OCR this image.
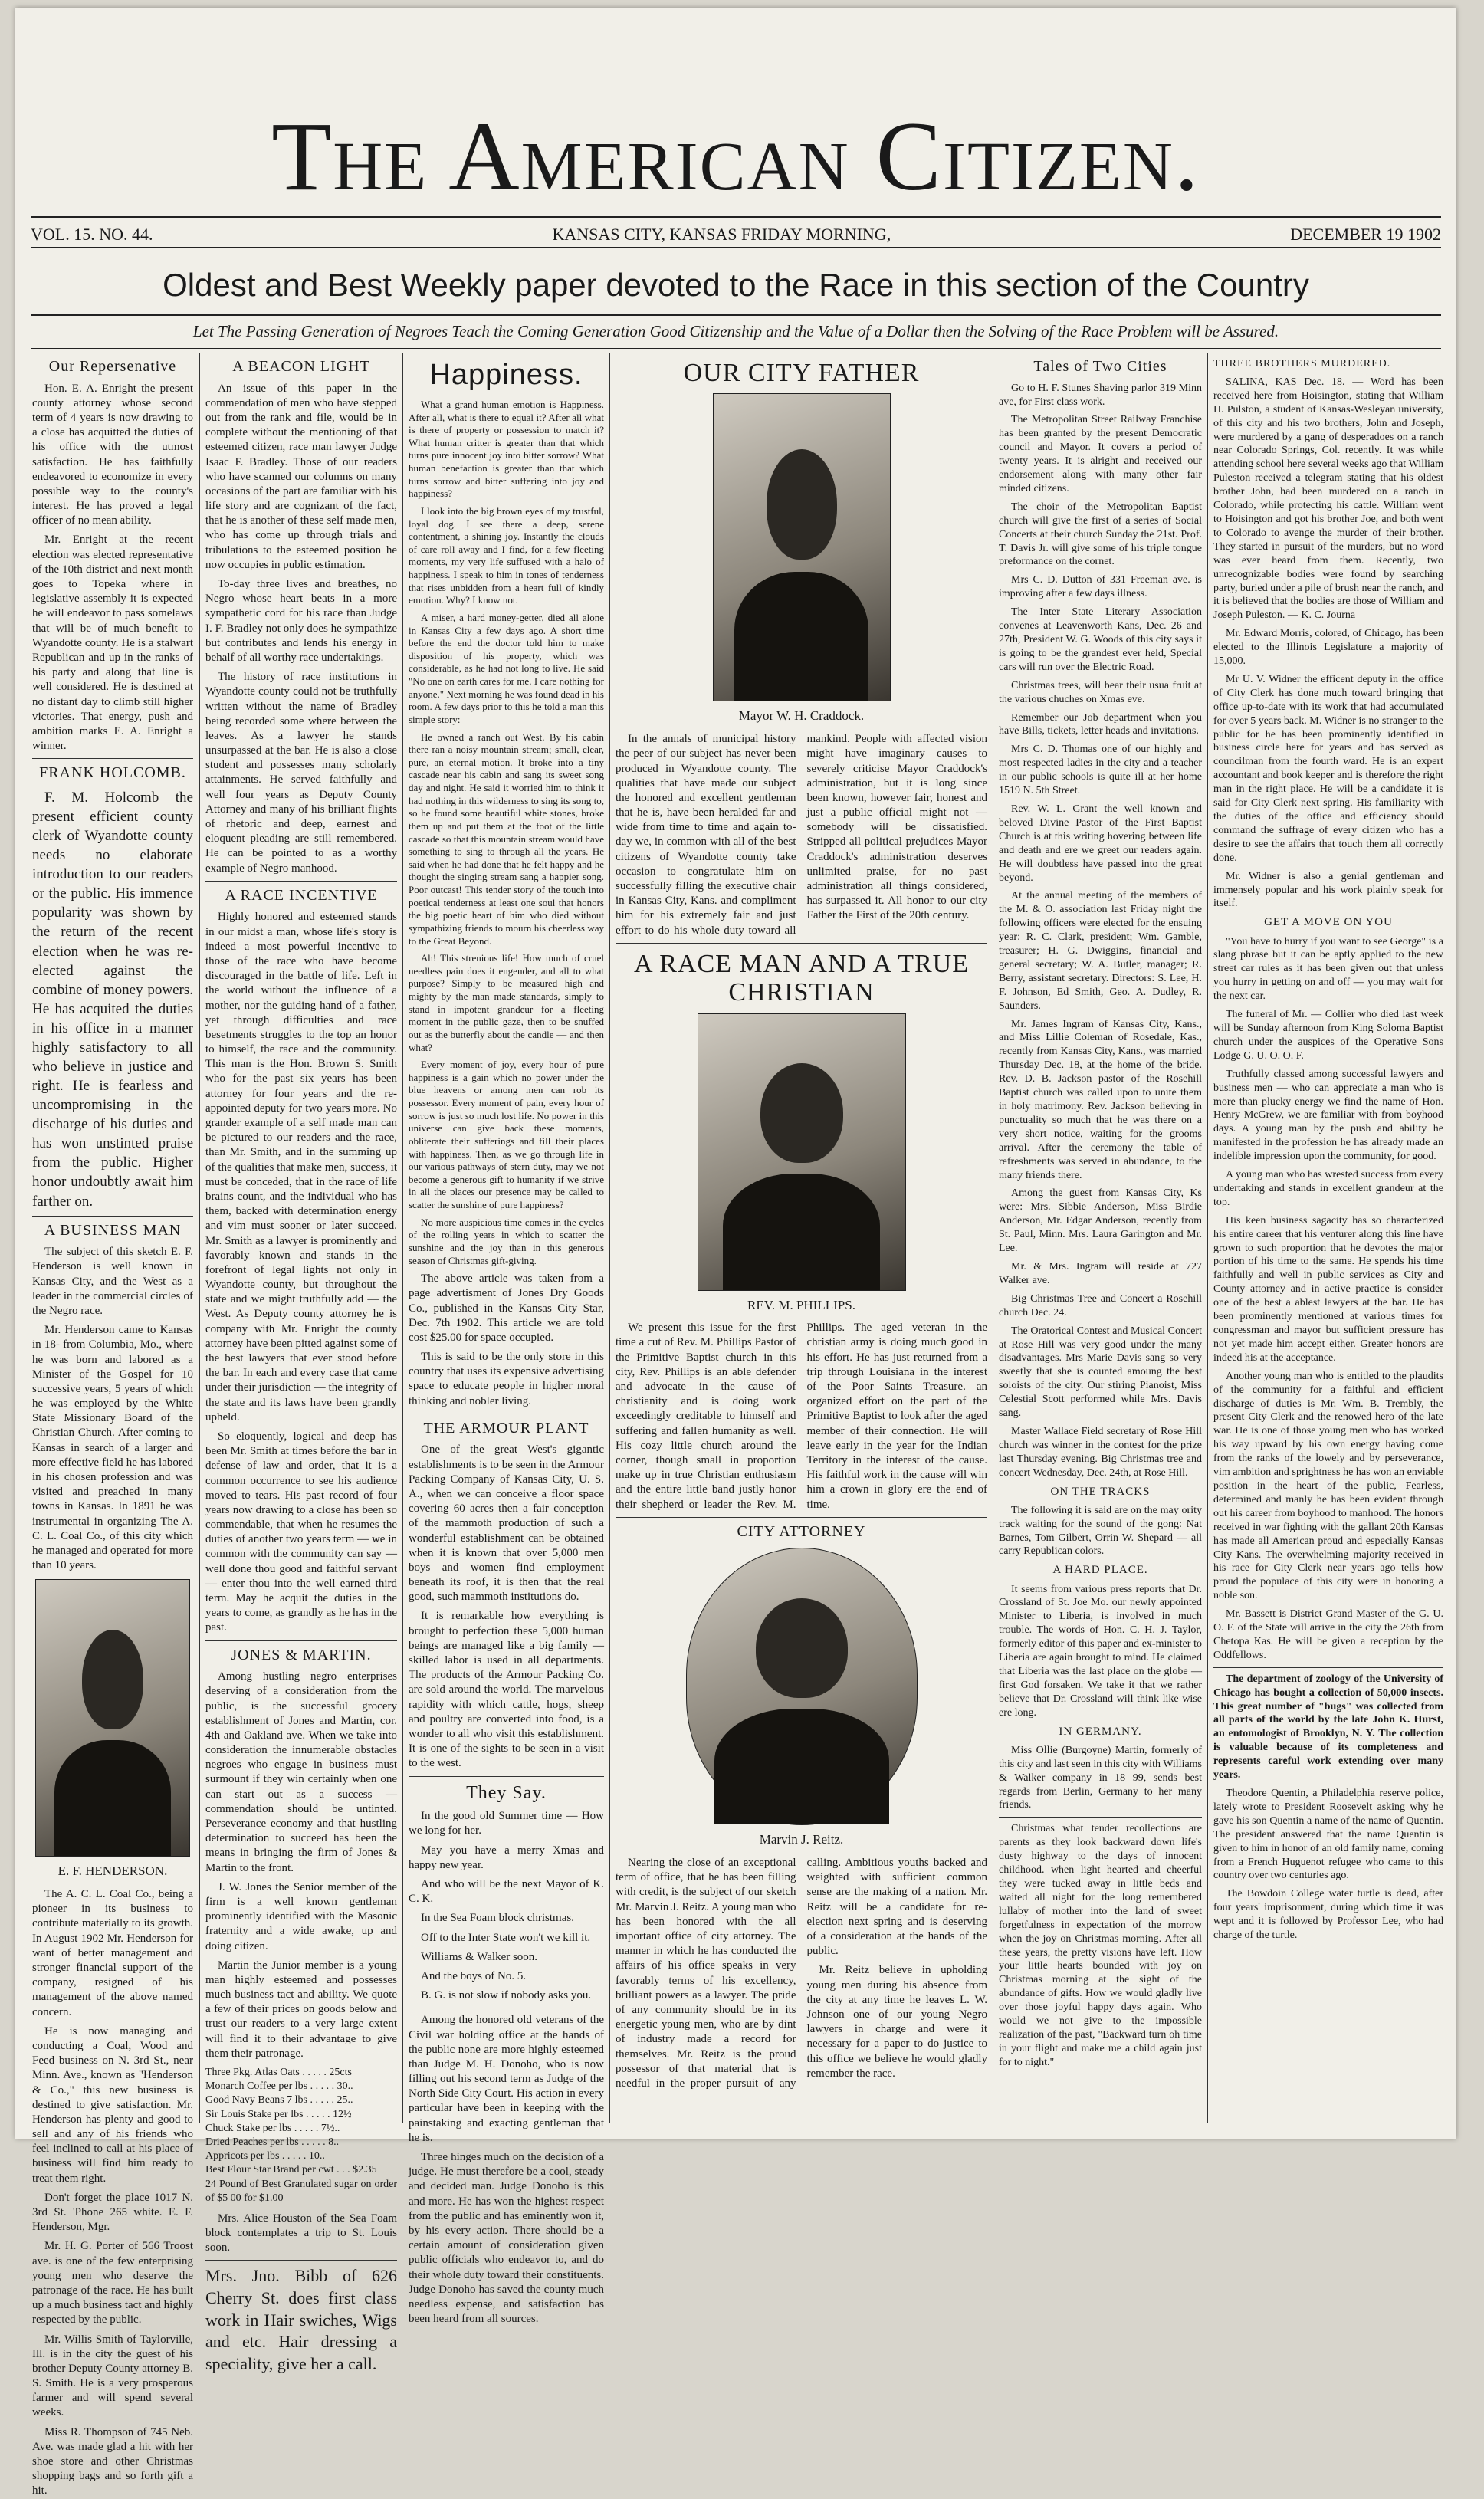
The American Citizen.
VOL. 15. NO. 44.	KANSAS CITY, KANSAS FRIDAY MORNING,	DECEMBER 19 1902
Oldest and Best Weekly paper devoted to the Race in this section of the Country
Let The Passing Generation of Negroes Teach the Coming Generation Good Citizenship and the Value of a Dollar then the Solving of the Race Problem will be Assured.
Our Repersenative

Hon. E. A. Enright the present county attorney whose second term of 4 years is now drawing to a close has acquitted the duties of his office with the utmost satisfaction. He has faithfully endeavored to economize in every possible way to the county's interest. He has proved a legal officer of no mean ability.

Mr. Enright at the recent election was elected representative of the 10th district and next month goes to Topeka where in legislative assembly it is expected he will endeavor to pass somelaws that will be of much benefit to Wyandotte county. He is a stalwart Republican and up in the ranks of his party and along that line is well considered. He is destined at no distant day to climb still higher victories. That energy, push and ambition marks E. A. Enright a winner.

FRANK HOLCOMB.

F. M. Holcomb the present efficient county clerk of Wyandotte county needs no elaborate introduction to our readers or the public. His immence popularity was shown by the return of the recent election when he was re-elected against the combine of money powers. He has acquited the duties in his office in a manner highly satisfactory to all who believe in justice and right. He is fearless and uncompromising in the discharge of his duties and has won unstinted praise from the public. Higher honor undoubtly await him farther on.

A BUSINESS MAN

The subject of this sketch E. F. Henderson is well known in Kansas City, and the West as a leader in the commercial circles of the Negro race.

Mr. Henderson came to Kansas in 18- from Columbia, Mo., where he was born and labored as a Minister of the Gospel for 10 successive years, 5 years of which he was employed by the White State Missionary Board of the Christian Church. After coming to Kansas in search of a larger and more effective field he has labored in his chosen profession and was visited and preached in many towns in Kansas. In 1891 he was instrumental in organizing The A. C. L. Coal Co., of this city which he managed and operated for more than 10 years.

E. F. HENDERSON.

The A. C. L. Coal Co., being a pioneer in its business to contribute materially to its growth. In August 1902 Mr. Henderson for want of better management and stronger financial support of the company, resigned of his management of the above named concern.

He is now managing and conducting a Coal, Wood and Feed business on N. 3rd St., near Minn. Ave., known as "Henderson & Co.," this new business is destined to give satisfaction. Mr. Henderson has plenty and good to sell and any of his friends who feel inclined to call at his place of business will find him ready to treat them right.

Don't forget the place 1017 N. 3rd St. 'Phone 265 white. E. F. Henderson, Mgr.

Mr. H. G. Porter of 566 Troost ave. is one of the few enterprising young men who deserve the patronage of the race. He has built up a much business tact and highly respected by the public.

Mr. Willis Smith of Taylorville, Ill. is in the city the guest of his brother Deputy County attorney B. S. Smith. He is a very prosperous farmer and will spend several weeks.

Miss R. Thompson of 745 Neb. Ave. was made glad a hit with her shoe store and other Christmas shopping bags and so forth gift a hit.

A BEACON LIGHT

An issue of this paper in the commendation of men who have stepped out from the rank and file, would be in complete without the mentioning of that esteemed citizen, race man lawyer Judge Isaac F. Bradley. Those of our readers who have scanned our columns on many occasions of the part are familiar with his life story and are cognizant of the fact, that he is another of these self made men, who has come up through trials and tribulations to the esteemed position he now occupies in public estimation.

To-day three lives and breathes, no Negro whose heart beats in a more sympathetic cord for his race than Judge I. F. Bradley not only does he sympathize but contributes and lends his energy in behalf of all worthy race undertakings.

The history of race institutions in Wyandotte county could not be truthfully written without the name of Bradley being recorded some where between the leaves. As a lawyer he stands unsurpassed at the bar. He is also a close student and possesses many scholarly attainments. He served faithfully and well four years as Deputy County Attorney and many of his brilliant flights of rhetoric and deep, earnest and eloquent pleading are still remembered. He can be pointed to as a worthy example of Negro manhood.

A RACE INCENTIVE

Highly honored and esteemed stands in our midst a man, whose life's story is indeed a most powerful incentive to those of the race who have become discouraged in the battle of life. Left in the world without the influence of a mother, nor the guiding hand of a father, yet through difficulties and race besetments struggles to the top an honor to himself, the race and the community. This man is the Hon. Brown S. Smith who for the past six years has been attorney for four years and the re-appointed deputy for two years more. No grander example of a self made man can be pictured to our readers and the race, than Mr. Smith, and in the summing up of the qualities that make men, success, it must be conceded, that in the race of life brains count, and the individual who has them, backed with determination energy and vim must sooner or later succeed. Mr. Smith as a lawyer is prominently and favorably known and stands in the forefront of legal lights not only in Wyandotte county, but throughout the state and we might truthfully add — the West. As Deputy county attorney he is company with Mr. Enright the county attorney have been pitted against some of the best lawyers that ever stood before the bar. In each and every case that came under their jurisdiction — the integrity of the state and its laws have been grandly upheld.

So eloquently, logical and deep has been Mr. Smith at times before the bar in defense of law and order, that it is a common occurrence to see his audience moved to tears. His past record of four years now drawing to a close has been so commendable, that when he resumes the duties of another two years term — we in common with the community can say — well done thou good and faithful servant — enter thou into the well earned third term. May he acquit the duties in the years to come, as grandly as he has in the past.

JONES & MARTIN.

Among hustling negro enterprises deserving of a consideration from the public, is the successful grocery establishment of Jones and Martin, cor. 4th and Oakland ave. When we take into consideration the innumerable obstacles negroes who engage in business must surmount if they win certainly when one can start out as a success — commendation should be untinted. Perseverance economy and that hustling determination to succeed has been the means in bringing the firm of Jones & Martin to the front.

J. W. Jones the Senior member of the firm is a well known gentleman prominently identified with the Masonic fraternity and a wide awake, up and doing citizen.

Martin the Junior member is a young man highly esteemed and possesses much business tact and ability. We quote a few of their prices on goods below and trust our readers to a very large extent will find it to their advantage to give them their patronage.

Three Pkg. Atlas Oats . . . . . 25cts
Monarch Coffee per lbs . . . . . 30..
Good Navy Beans 7 lbs . . . . . 25..
Sir Louis Stake per lbs . . . . . 12½
Chuck Stake per lbs . . . . . 7½..
Dried Peaches per lbs . . . . . 8..
Appricots per lbs . . . . . 10..
Best Flour Star Brand per cwt . . . $2.35
24 Pound of Best Granulated sugar on order of $5 00 for $1.00

Mrs. Alice Houston of the Sea Foam block contemplates a trip to St. Louis soon.

Mrs. Jno. Bibb of 626 Cherry St. does first class work in Hair swiches, Wigs and etc. Hair dressing a speciality, give her a call.

Happiness.

What a grand human emotion is Happiness. After all, what is there to equal it? After all what is there of property or possession to match it? What human critter is greater than that which turns pure innocent joy into bitter sorrow? What human benefaction is greater than that which turns sorrow and bitter suffering into joy and happiness?

I look into the big brown eyes of my trustful, loyal dog. I see there a deep, serene contentment, a shining joy. Instantly the clouds of care roll away and I find, for a few fleeting moments, my very life suffused with a halo of happiness. I speak to him in tones of tenderness that rises unbidden from a heart full of kindly emotion. Why? I know not.

A miser, a hard money-getter, died all alone in Kansas City a few days ago. A short time before the end the doctor told him to make disposition of his property, which was considerable, as he had not long to live. He said "No one on earth cares for me. I care nothing for anyone." Next morning he was found dead in his room. A few days prior to this he told a man this simple story:

He owned a ranch out West. By his cabin there ran a noisy mountain stream; small, clear, pure, an eternal motion. It broke into a tiny cascade near his cabin and sang its sweet song day and night. He said it worried him to think it had nothing in this wilderness to sing its song to, so he found some beautiful white stones, broke them up and put them at the foot of the little cascade so that this mountain stream would have something to sing to through all the years. He said when he had done that he felt happy and he thought the singing stream sang a happier song. Poor outcast! This tender story of the touch into poetical tenderness at least one soul that honors the big poetic heart of him who died without sympathizing friends to mourn his cheerless way to the Great Beyond.

Ah! This strenious life! How much of cruel needless pain does it engender, and all to what purpose? Simply to be measured high and mighty by the man made standards, simply to stand in impotent grandeur for a fleeting moment in the public gaze, then to be snuffed out as the butterfly about the candle — and then what?

Every moment of joy, every hour of pure happiness is a gain which no power under the blue heavens or among men can rob its possessor. Every moment of pain, every hour of sorrow is just so much lost life. No power in this universe can give back these moments, obliterate their sufferings and fill their places with happiness. Then, as we go through life in our various pathways of stern duty, may we not become a generous gift to humanity if we strive in all the places our presence may be called to scatter the sunshine of pure happiness?

No more auspicious time comes in the cycles of the rolling years in which to scatter the sunshine and the joy than in this generous season of Christmas gift-giving.

The above article was taken from a page advertisment of Jones Dry Goods Co., published in the Kansas City Star, Dec. 7th 1902. This article we are told cost $25.00 for space occupied.

This is said to be the only store in this country that uses its expensive advertising space to educate people in higher moral thinking and nobler living.

THE ARMOUR PLANT

One of the great West's gigantic establishments is to be seen in the Armour Packing Company of Kansas City, U. S. A., when we can conceive a floor space covering 60 acres then a fair conception of the mammoth production of such a wonderful establishment can be obtained when it is known that over 5,000 men boys and women find employment beneath its roof, it is then that the real good, such mammoth institutions do.

It is remarkable how everything is brought to perfection these 5,000 human beings are managed like a big family — skilled labor is used in all departments. The products of the Armour Packing Co. are sold around the world. The marvelous rapidity with which cattle, hogs, sheep and poultry are converted into food, is a wonder to all who visit this establishment. It is one of the sights to be seen in a visit to the west.

They Say.

In the good old Summer time — How we long for her.

May you have a merry Xmas and happy new year.

And who will be the next Mayor of K. C. K.

In the Sea Foam block christmas.

Off to the Inter State won't we kill it.

Williams & Walker soon.

And the boys of No. 5.

B. G. is not slow if nobody asks you.

Among the honored old veterans of the Civil war holding office at the hands of the public none are more highly esteemed than Judge M. H. Donoho, who is now filling out his second term as Judge of the North Side City Court. His action in every particular have been in keeping with the painstaking and exacting gentleman that he is.

Three hinges much on the decision of a judge. He must therefore be a cool, steady and decided man. Judge Donoho is this and more. He has won the highest respect from the public and has eminently won it, by his every action. There should be a certain amount of consideration given public officials who endeavor to, and do their whole duty toward their constituents. Judge Donoho has saved the county much needless expense, and satisfaction has been heard from all sources.

OUR CITY FATHER
Mayor W. H. Craddock.

In the annals of municipal history the peer of our subject has never been produced in Wyandotte county. The qualities that have made our subject the honored and excellent gentleman that he is, have been heralded far and wide from time to time and again to-day we, in common with all of the best citizens of Wyandotte county take occasion to congratulate him on successfully filling the executive chair in Kansas City, Kans. and compliment him for his extremely fair and just effort to do his whole duty toward all mankind. People with affected vision might have imaginary causes to severely criticise Mayor Craddock's administration, but it is long since been known, however fair, honest and just a public official might not — somebody will be dissatisfied. Stripped all political prejudices Mayor Craddock's administration deserves unlimited praise, for no past administration all things considered, has surpassed it. All honor to our city Father the First of the 20th century.

A RACE MAN AND A TRUE CHRISTIAN
REV. M. PHILLIPS.

We present this issue for the first time a cut of Rev. M. Phillips Pastor of the Primitive Baptist church in this city, Rev. Phillips is an able defender and advocate in the cause of christianity and is doing work exceedingly creditable to himself and suffering and fallen humanity as well. His cozy little church around the corner, though small in proportion make up in true Christian enthusiasm and the entire little band justly honor their shepherd or leader the Rev. M. Phillips. The aged veteran in the christian army is doing much good in his effort. He has just returned from a trip through Louisiana in the interest of the Poor Saints Treasure. an organized effort on the part of the Primitive Baptist to look after the aged member of their connection. He will leave early in the year for the Indian Territory in the interest of the cause. His faithful work in the cause will win him a crown in glory ere the end of time.

CITY ATTORNEY
Marvin J. Reitz.

Nearing the close of an exceptional term of office, that he has been filling with credit, is the subject of our sketch Mr. Marvin J. Reitz. A young man who has been honored with the all important office of city attorney. The manner in which he has conducted the affairs of his office speaks in very favorably terms of his excellency, brilliant powers as a lawyer. The pride of any community should be in its energetic young men, who are by dint of industry made a record for themselves. Mr. Reitz is the proud possessor of that material that is needful in the proper pursuit of any calling. Ambitious youths backed and weighted with sufficient common sense are the making of a nation. Mr. Reitz will be a candidate for re-election next spring and is deserving of a consideration at the hands of the public.

Mr. Reitz believe in upholding young men during his absence from the city at any time he leaves L. W. Johnson one of our young Negro lawyers in charge and were it necessary for a paper to do justice to this office we believe he would gladly remember the race.

Tales of Two Cities

Go to H. F. Stunes Shaving parlor 319 Minn ave, for First class work.

The Metropolitan Street Railway Franchise has been granted by the present Democratic council and Mayor. It covers a period of twenty years. It is alright and received our endorsement along with many other fair minded citizens.

The choir of the Metropolitan Baptist church will give the first of a series of Social Concerts at their church Sunday the 21st. Prof. T. Davis Jr. will give some of his triple tongue preformance on the cornet.

Mrs C. D. Dutton of 331 Freeman ave. is improving after a few days illness.

The Inter State Literary Association convenes at Leavenworth Kans, Dec. 26 and 27th, President W. G. Woods of this city says it is going to be the grandest ever held, Special cars will run over the Electric Road.

Christmas trees, will bear their usua fruit at the various chuches on Xmas eve.

Remember our Job department when you have Bills, tickets, letter heads and invitations.

Mrs C. D. Thomas one of our highly and most respected ladies in the city and a teacher in our public schools is quite ill at her home 1519 N. 5th Street.

Rev. W. L. Grant the well known and beloved Divine Pastor of the First Baptist Church is at this writing hovering between life and death and ere we greet our readers again. He will doubtless have passed into the great beyond.

At the annual meeting of the members of the M. & O. association last Friday night the following officers were elected for the ensuing year: R. C. Clark, president; Wm. Gamble, treasurer; H. G. Dwiggins, financial and general secretary; W. A. Butler, manager; R. Berry, assistant secretary. Directors: S. Lee, H. F. Johnson, Ed Smith, Geo. A. Dudley, R. Saunders.

Mr. James Ingram of Kansas City, Kans., and Miss Lillie Coleman of Rosedale, Kas., recently from Kansas City, Kans., was married Thursday Dec. 18, at the home of the bride. Rev. D. B. Jackson pastor of the Rosehill Baptist church was called upon to unite them in holy matrimony. Rev. Jackson believing in punctuality so much that he was there on a very short notice, waiting for the grooms arrival. After the ceremony the table of refreshments was served in abundance, to the many friends there.

Among the guest from Kansas City, Ks were: Mrs. Sibbie Anderson, Miss Birdie Anderson, Mr. Edgar Anderson, recently from St. Paul, Minn. Mrs. Laura Garington and Mr. Lee.

Mr. & Mrs. Ingram will reside at 727 Walker ave.

Big Christmas Tree and Concert a Rosehill church Dec. 24.

The Oratorical Contest and Musical Concert at Rose Hill was very good under the many disadvantages. Mrs Marie Davis sang so very sweetly that she is counted amoung the best soloists of the city. Our stiring Pianoist, Miss Celestial Scott performed while Mrs. Davis sang.

Master Wallace Field secretary of Rose Hill church was winner in the contest for the prize last Thursday evening. Big Christmas tree and concert Wednesday, Dec. 24th, at Rose Hill.

ON THE TRACKS

The following it is said are on the may ority track waiting for the sound of the gong: Nat Barnes, Tom Gilbert, Orrin W. Shepard — all carry Republican colors.

A HARD PLACE.

It seems from various press reports that Dr. Crossland of St. Joe Mo. our newly appointed Minister to Liberia, is involved in much trouble. The words of Hon. C. H. J. Taylor, formerly editor of this paper and ex-minister to Liberia are again brought to mind. He claimed that Liberia was the last place on the globe — first God forsaken. We take it that we rather believe that Dr. Crossland will think like wise ere long.

IN GERMANY.

Miss Ollie (Burgoyne) Martin, formerly of this city and last seen in this city with Williams & Walker company in 18 99, sends best regards from Berlin, Germany to her many friends.

Christmas what tender recollections are parents as they look backward down life's dusty highway to the days of innocent childhood. when light hearted and cheerful they were tucked away in little beds and waited all night for the long remembered lullaby of mother into the land of sweet forgetfulness in expectation of the morrow when the joy on Christmas morning. After all these years, the pretty visions have left. How your little hearts bounded with joy on Christmas morning at the sight of the abundance of gifts. How we would gladly live over those joyful happy days again. Who would we not give to the impossible realization of the past, "Backward turn oh time in your flight and make me a child again just for to night."

THREE BROTHERS MURDERED.

SALINA, KAS Dec. 18. — Word has been received here from Hoisington, stating that William H. Pulston, a student of Kansas-Wesleyan university, of this city and his two brothers, John and Joseph, were murdered by a gang of desperadoes on a ranch near Colorado Springs, Col. recently. It was while attending school here several weeks ago that William Puleston received a telegram stating that his oldest brother John, had been murdered on a ranch in Colorado, while protecting his cattle. William went to Hoisington and got his brother Joe, and both went to Colorado to avenge the murder of their brother. They started in pursuit of the murders, but no word was ever heard from them. Recently, two unrecognizable bodies were found by searching party, buried under a pile of brush near the ranch, and it is believed that the bodies are those of William and Joseph Puleston. — K. C. Journa

Mr. Edward Morris, colored, of Chicago, has been elected to the Illinois Legislature a majority of 15,000.

Mr U. V. Widner the efficent deputy in the office of City Clerk has done much toward bringing that office up-to-date with its work that had accumulated for over 5 years back. M. Widner is no stranger to the public for he has been prominently identified in business circle here for years and has served as councilman from the fourth ward. He is an expert accountant and book keeper and is therefore the right man in the right place. He will be a candidate it is said for City Clerk next spring. His familiarity with the duties of the office and efficiency should command the suffrage of every citizen who has a desire to see the affairs that touch them all correctly done.

Mr. Widner is also a genial gentleman and immensely popular and his work plainly speak for itself.

GET A MOVE ON YOU

"You have to hurry if you want to see George" is a slang phrase but it can be aptly applied to the new street car rules as it has been given out that unless you hurry in getting on and off — you may wait for the next car.

The funeral of Mr. — Collier who died last week will be Sunday afternoon from King Soloma Baptist church under the auspices of the Operative Sons Lodge G. U. O. O. F.

Truthfully classed among successful lawyers and business men — who can appreciate a man who is more than plucky energy we find the name of Hon. Henry McGrew, we are familiar with from boyhood days. A young man by the push and ability he manifested in the profession he has already made an indelible impression upon the community, for good.

A young man who has wrested success from every undertaking and stands in excellent grandeur at the top.

His keen business sagacity has so characterized his entire career that his venturer along this line have grown to such proportion that he devotes the major portion of his time to the same. He spends his time faithfully and well in public services as City and County attorney and in active practice is consider one of the best a ablest lawyers at the bar. He has been prominently mentioned at various times for congressman and mayor but sufficient pressure has not yet made him accept either. Greater honors are indeed his at the acceptance.

Another young man who is entitled to the plaudits of the community for a faithful and efficient discharge of duties is Mr. Wm. B. Trembly, the present City Clerk and the renowed hero of the late war. He is one of those young men who has worked his way upward by his own energy having come from the ranks of the lowely and by perseverance, vim ambition and sprightness he has won an enviable position in the heart of the public, Fearless, determined and manly he has been evident through out his career from boyhood to manhood. The honors received in war fighting with the gallant 20th Kansas has made all American proud and especially Kansas City Kans. The overwhelming majority received in his race for City Clerk near years ago tells how proud the populace of this city were in honoring a noble son.

Mr. Bassett is District Grand Master of the G. U. O. F. of the State will arrive in the city the 26th from Chetopa Kas. He will be given a reception by the Oddfellows.

The department of zoology of the University of Chicago has bought a collection of 50,000 insects. This great number of "bugs" was collected from all parts of the world by the late John K. Hurst, an entomologist of Brooklyn, N. Y. The collection is valuable because of its completeness and represents careful work extending over many years.

Theodore Quentin, a Philadelphia reserve police, lately wrote to President Roosevelt asking why he gave his son Quentin a name of the name of Quentin. The president answered that the name Quentin is given to him in honor of an old family name, coming from a French Huguenot refugee who came to this country over two centuries ago.

The Bowdoin College water turtle is dead, after four years' imprisonment, during which time it was wept and it is followed by Professor Lee, who had charge of the turtle.
